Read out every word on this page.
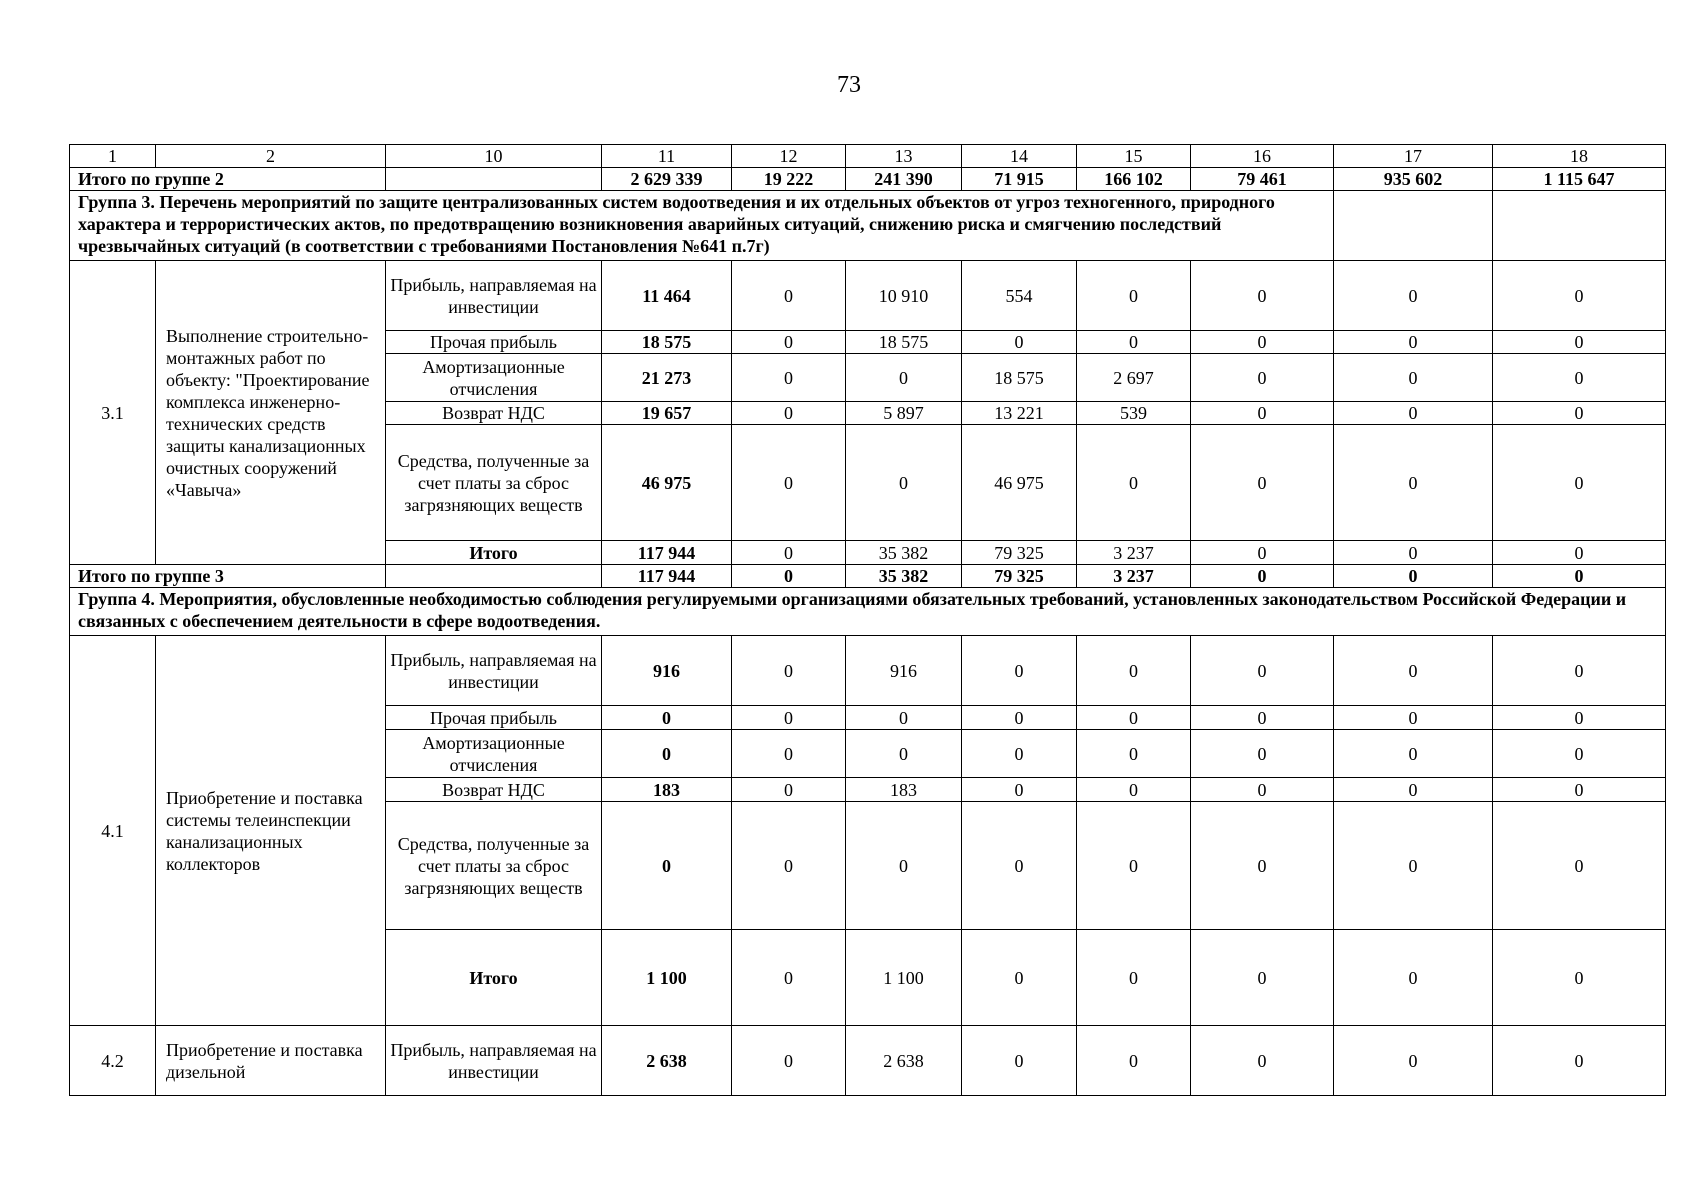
73
1	2	10	11	12	13	14	15	16	17	18
Итого по группе 2			2 629 339	19 222	241 390	71 915	166 102	79 461	935 602	1 115 647
Группа 3. Перечень мероприятий по защите централизованных систем водоотведения и их отдельных объектов от угроз техногенного, природного характера и террористических актов, по предотвращению возникновения аварийных ситуаций, снижению риска и смягчению последствий чрезвычайных ситуаций (в соответствии с требованиями Постановления №641 п.7г)										
3.1	Выполнение строительно-монтажных работ по объекту: "Проектирование комплекса инженерно-технических средств защиты канализационных очистных сооружений «Чавыча»	Прибыль, направляемая на инвестиции	11 464	0	10 910	554	0	0	0	0
		Прочая прибыль	18 575	0	18 575	0	0	0	0	0
		Амортизационные отчисления	21 273	0	0	18 575	2 697	0	0	0
		Возврат НДС	19 657	0	5 897	13 221	539	0	0	0
		Средства, полученные за счет платы за сброс загрязняющих веществ	46 975	0	0	46 975	0	0	0	0
		Итого	117 944	0	35 382	79 325	3 237	0	0	0
Итого по группе 3			117 944	0	35 382	79 325	3 237	0	0	0
Группа 4. Мероприятия, обусловленные необходимостью соблюдения регулируемыми организациями обязательных требований, установленных законодательством Российской Федерации и связанных с обеспечением деятельности в сфере водоотведения.										
4.1	Приобретение и поставка системы телеинспекции канализационных коллекторов	Прибыль, направляемая на инвестиции	916	0	916	0	0	0	0	0
		Прочая прибыль	0	0	0	0	0	0	0	0
		Амортизационные отчисления	0	0	0	0	0	0	0	0
		Возврат НДС	183	0	183	0	0	0	0	0
		Средства, полученные за счет платы за сброс загрязняющих веществ	0	0	0	0	0	0	0	0
		Итого	1 100	0	1 100	0	0	0	0	0
4.2	Приобретение и поставка дизельной	Прибыль, направляемая на инвестиции	2 638	0	2 638	0	0	0	0	0
